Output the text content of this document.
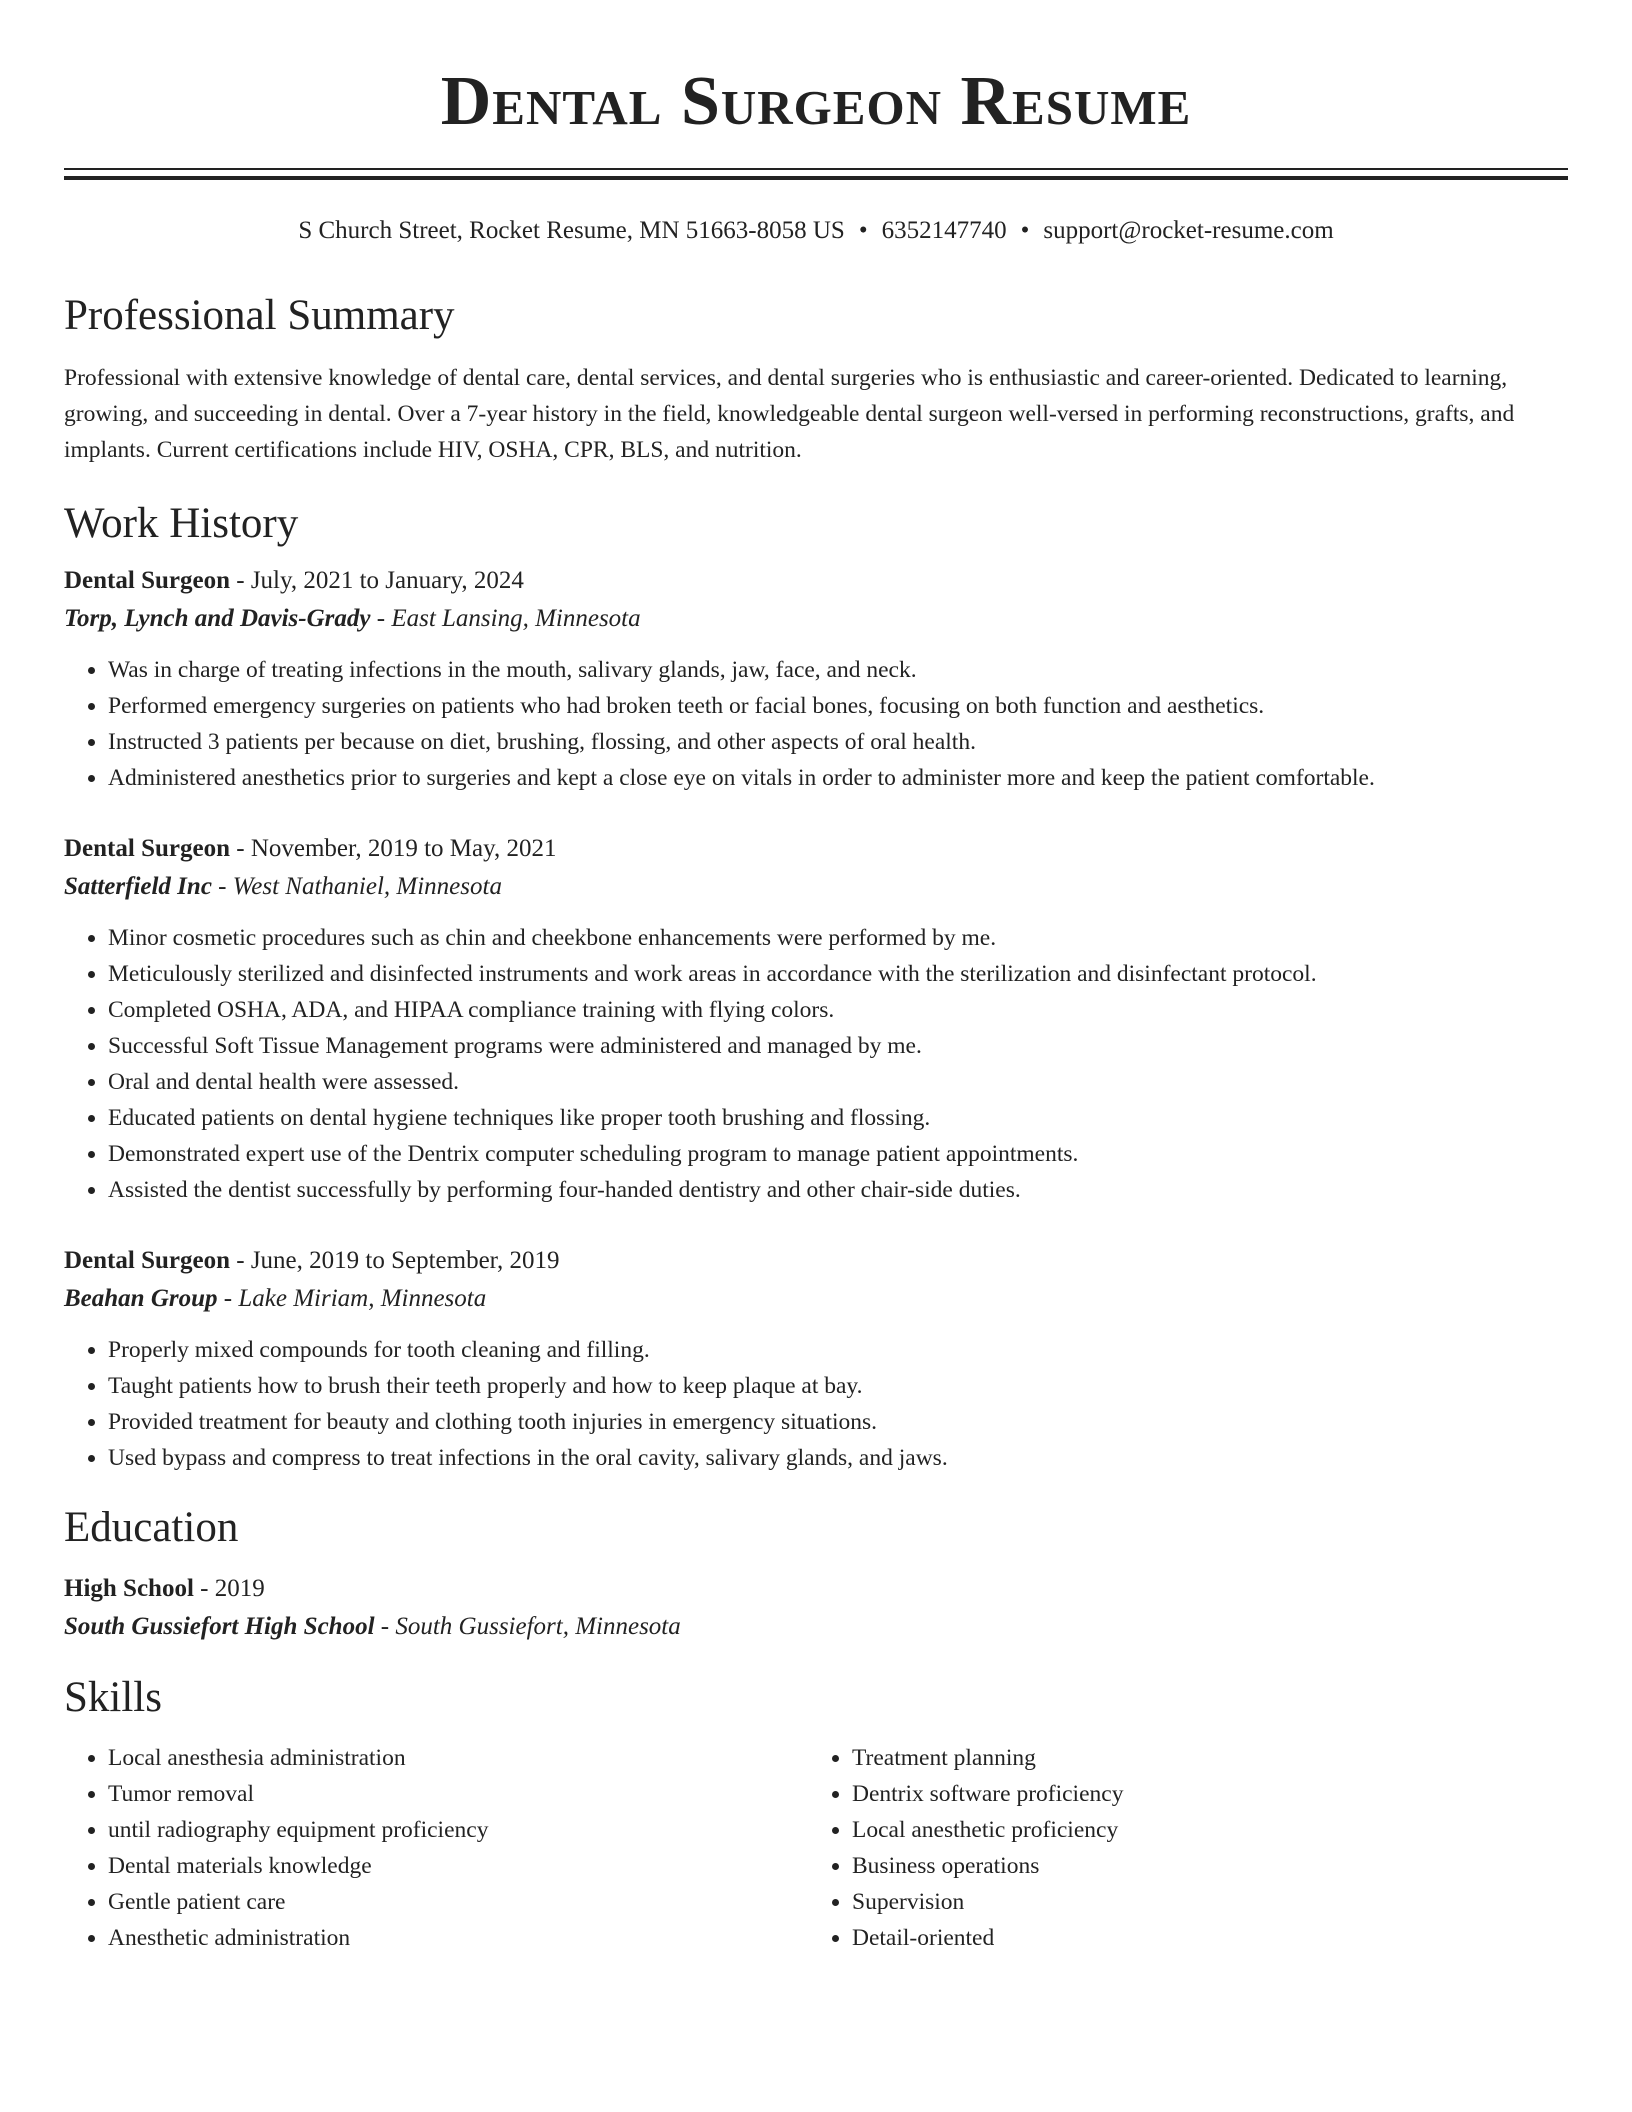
Dental Surgeon Resume
S Church Street, Rocket Resume, MN 51663-8058 US • 6352147740 • support@rocket-resume.com
Professional Summary

Professional with extensive knowledge of dental care, dental services, and dental surgeries who is enthusiastic and career-oriented. Dedicated to learning, growing, and succeeding in dental. Over a 7-year history in the field, knowledgeable dental surgeon well-versed in performing reconstructions, grafts, and implants. Current certifications include HIV, OSHA, CPR, BLS, and nutrition.

Work History
Dental Surgeon - July, 2021 to January, 2024
Torp, Lynch and Davis-Grady - East Lansing, Minnesota
• Was in charge of treating infections in the mouth, salivary glands, jaw, face, and neck.
• Performed emergency surgeries on patients who had broken teeth or facial bones, focusing on both function and aesthetics.
• Instructed 3 patients per because on diet, brushing, flossing, and other aspects of oral health.
• Administered anesthetics prior to surgeries and kept a close eye on vitals in order to administer more and keep the patient comfortable.
Dental Surgeon - November, 2019 to May, 2021
Satterfield Inc - West Nathaniel, Minnesota
• Minor cosmetic procedures such as chin and cheekbone enhancements were performed by me.
• Meticulously sterilized and disinfected instruments and work areas in accordance with the sterilization and disinfectant protocol.
• Completed OSHA, ADA, and HIPAA compliance training with flying colors.
• Successful Soft Tissue Management programs were administered and managed by me.
• Oral and dental health were assessed.
• Educated patients on dental hygiene techniques like proper tooth brushing and flossing.
• Demonstrated expert use of the Dentrix computer scheduling program to manage patient appointments.
• Assisted the dentist successfully by performing four-handed dentistry and other chair-side duties.
Dental Surgeon - June, 2019 to September, 2019
Beahan Group - Lake Miriam, Minnesota
• Properly mixed compounds for tooth cleaning and filling.
• Taught patients how to brush their teeth properly and how to keep plaque at bay.
• Provided treatment for beauty and clothing tooth injuries in emergency situations.
• Used bypass and compress to treat infections in the oral cavity, salivary glands, and jaws.
Education
High School - 2019
South Gussiefort High School - South Gussiefort, Minnesota
Skills
• Local anesthesia administration
• Tumor removal
• until radiography equipment proficiency
• Dental materials knowledge
• Gentle patient care
• Anesthetic administration
• Treatment planning
• Dentrix software proficiency
• Local anesthetic proficiency
• Business operations
• Supervision
• Detail-oriented
